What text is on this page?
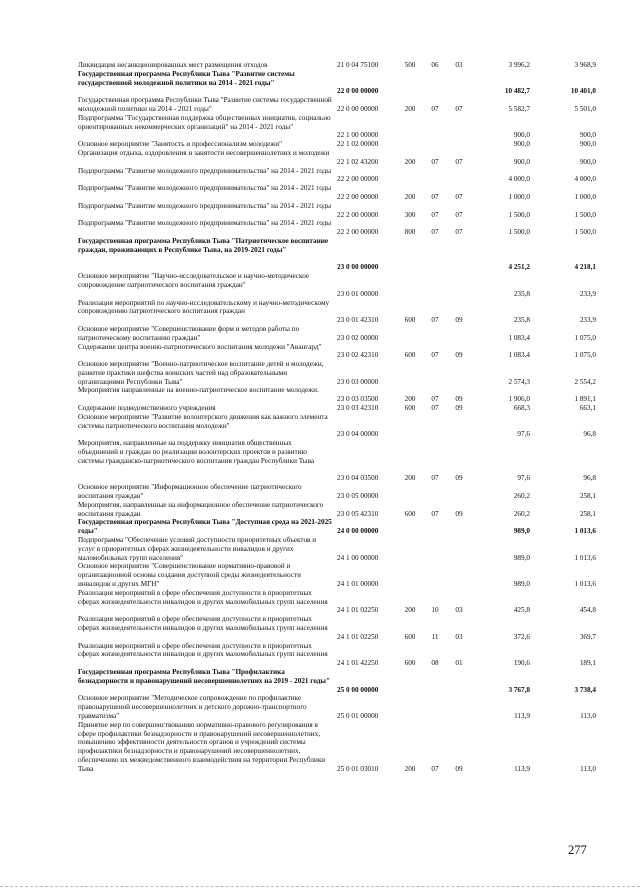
Ликвидация несанкционированных мест размещения отходов	21 0 04 75100	500	06	03	3 996,2	3 968,9
Государственная программа Республики Тыва "Развитие системы государственной молодежной политики на 2014 - 2021 годы"
22 0 00 00000	10 482,7	10 401,0
Государственная программа Республики Тыва "Развитие системы государственной молодежной политики на 2014 - 2021 годы"	22 0 00 00000	200	07	07	5 582,7	5 501,0
Подпрограмма "Государственная поддержка общественных инициатив, социально ориентированных некоммерческих организаций" на 2014 - 2021 годы"
22 1 00 00000	900,0	900,0
Основное мероприятие "Занятость и профессионализм молодежи"	22 1 02 00000	900,0	900,0
Организация отдыха, оздоровления и занятости несовершеннолетних и молодежи
22 1 02 43200	200	07	07	900,0	900,0
Подпрограмма "Развитие молодежного предпринимательства" на 2014 - 2021 годы
22 2 00 00000	4 000,0	4 000,0
Подпрограмма "Развитие молодежного предпринимательства" на 2014 - 2021 годы
22 2 00 00000	200	07	07	1 000,0	1 000,0
Подпрограмма "Развитие молодежного предпринимательства" на 2014 - 2021 годы
22 2 00 00000	300	07	07	1 500,0	1 500,0
Подпрограмма "Развитие молодежного предпринимательства" на 2014 - 2021 годы
22 2 00 00000	800	07	07	1 500,0	1 500,0
Государственная программа Республики Тыва "Патриотическое воспитание граждан, проживающих в Республике Тыва, на 2019-2021 годы"
23 0 00 00000	4 251,2	4 218,1
Основное мероприятие "Научно-исследовательское и научно-методическое сопровождение патриотического воспитания граждан"
23 0 01 00000	235,8	233,9
Реализация мероприятий по научно-исследовательскому и научно-методическому сопровождению патриотического воспитания граждан
23 0 01 42310	600	07	09	235,8	233,9
Основное мероприятие "Совершенствование форм и методов работы по патриотическому воспитанию граждан"	23 0 02 00000	1 083,4	1 075,0
Содержание центра военно-патриотического воспитания молодежи "Авангард"
23 0 02 42310	600	07	09	1 083,4	1 075,0
Основное мероприятие "Военно-патриотическое воспитание детей и молодежи, развитие практики шефства воинских частей над образовательными организациями Республики Тыва"	23 0 03 00000	2 574,3	2 554,2
Мероприятия направленные на военно-патриотическое воспитание молодежи.
23 0 03 03500	200	07	09	1 906,0	1 891,1
Содержание подведомственного учреждения	23 0 03 42310	600	07	09	668,3	663,1
Основное мероприятие "Развитие волонтерского движения как важного элемента системы патриотического воспитания молодежи"
23 0 04 00000	97,6	96,8
Мероприятия, направленные на поддержку инициатив общественных объединений и граждан по реализации волонтерских проектов и развитию системы гражданско-патриотического воспитания граждан Республики Тыва
23 0 04 03500	200	07	09	97,6	96,8
Основное мероприятие "Информационное обеспечение патриотического воспитания граждан"	23 0 05 00000	260,2	258,1
Мероприятия, направленные на информационное обеспечение патриотического воспитания граждан	23 0 05 42310	600	07	09	260,2	258,1
Государственная программа Республики Тыва "Доступная среда на 2021-2025 годы"	24 0 00 00000	989,0	1 013,6
Подпрограмма "Обеспечение условий доступности приоритетных объектов и услуг в приоритетных сферах жизнедеятельности инвалидов и других маломобильных групп населения"	24 1 00 00000	989,0	1 013,6
Основное мероприятие "Совершенствование нормативно-правовой и организационной основы создания доступной среды жизнедеятельности инвалидов и других МГН"	24 1 01 00000	989,0	1 013,6
Реализация мероприятий в сфере обеспечения доступности в приоритетных сферах жизнедеятельности инвалидов и других маломобильных групп населения
24 1 01 02250	200	10	03	425,8	454,8
Реализация мероприятий в сфере обеспечения доступности в приоритетных сферах жизнедеятельности инвалидов и других маломобильных групп населения
24 1 01 02250	600	11	03	372,6	369,7
Реализация мероприятий в сфере обеспечения доступности в приоритетных сферах жизнедеятельности инвалидов и других маломобильных групп населения
24 1 01 42250	600	08	01	190,6	189,1
Государственная программа Республики Тыва "Профилактика безнадзорности и правонарушений несовершеннолетних на 2019 - 2021 годы"
25 0 00 00000	3 767,8	3 738,4
Основное мероприятие "Методическое сопровождение по профилактике правонарушений несовершеннолетних и детского дорожно-транспортного травматизма"	25 0 01 00000	113,9	113,0
Принятие мер по совершенствованию нормативно-правового регулирования в сфере профилактики безнадзорности и правонарушений несовершеннолетних, повышению эффективности деятельности органов и учреждений системы профилактики безнадзорности и правонарушений несовершеннолетних, обеспечению их межведомственного взаимодействия на территории Республики Тыва	25 0 01 03010	200	07	09	113,9	113,0
277
